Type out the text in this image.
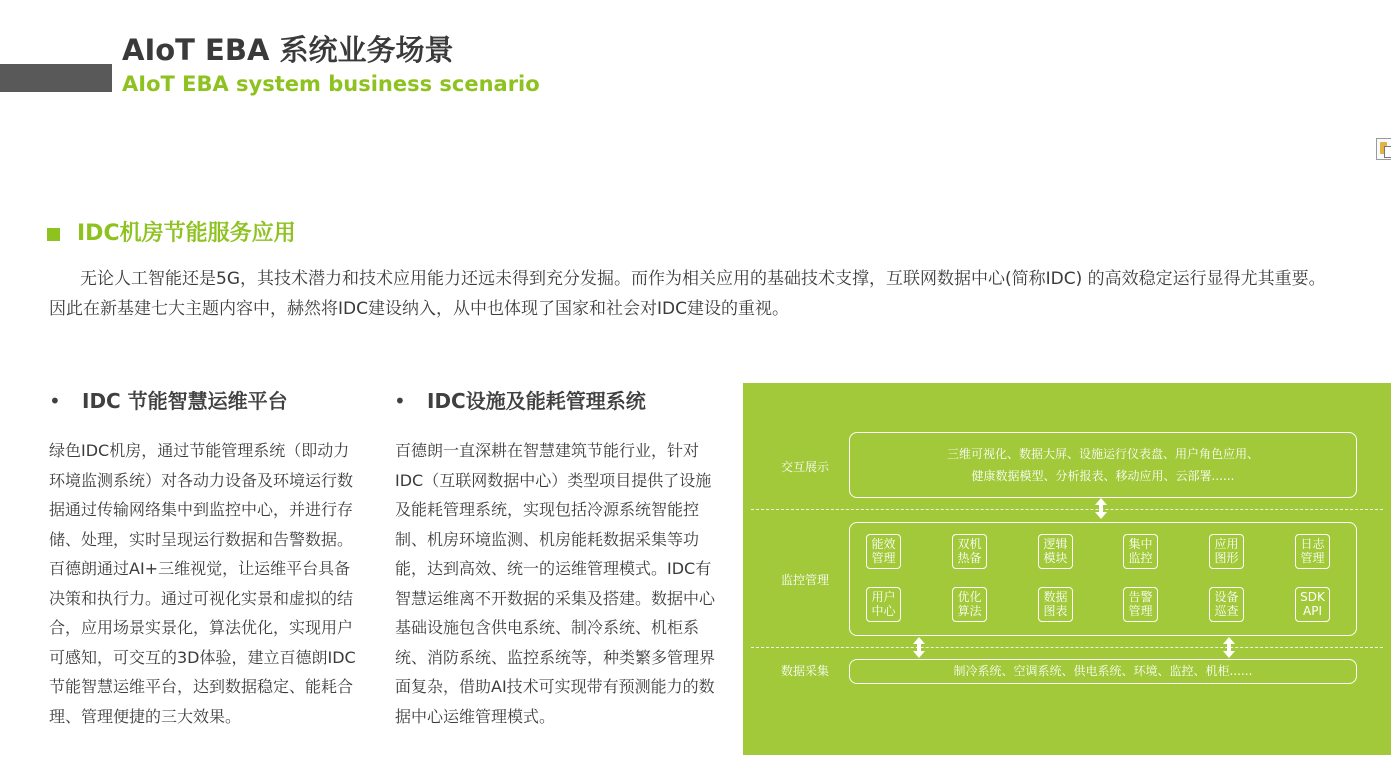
AIoT EBA 系统业务场景
AIoT EBA system business scenario
IDC机房节能服务应用

无论人工智能还是5G，其技术潜力和技术应用能力还远未得到充分发掘。而作为相关应用的基础技术支撑，互联网数据中心(简称IDC) 的高效稳定运行显得尤其重要。因此在新基建七大主题内容中，赫然将IDC建设纳入，从中也体现了国家和社会对IDC建设的重视。

• IDC 节能智慧运维平台

绿色IDC机房，通过节能管理系统（即动力环境监测系统）对各动力设备及环境运行数据通过传输网络集中到监控中心，并进行存储、处理，实时呈现运行数据和告警数据。百德朗通过AI+三维视觉，让运维平台具备决策和执行力。通过可视化实景和虚拟的结合，应用场景实景化，算法优化，实现用户可感知，可交互的3D体验，建立百德朗IDC节能智慧运维平台，达到数据稳定、能耗合理、管理便捷的三大效果。

• IDC设施及能耗管理系统

百德朗一直深耕在智慧建筑节能行业，针对IDC（互联网数据中心）类型项目提供了设施及能耗管理系统，实现包括冷源系统智能控制、机房环境监测、机房能耗数据采集等功能，达到高效、统一的运维管理模式。IDC有智慧运维离不开数据的采集及搭建。数据中心基础设施包含供电系统、制冷系统、机柜系统、消防系统、监控系统等，种类繁多管理界面复杂，借助AI技术可实现带有预测能力的数据中心运维管理模式。

交互展示
三维可视化、数据大屏、设施运行仪表盘、用户角色应用、
健康数据模型、分析报表、移动应用、云部署......
监控管理
能效
管理
双机
热备
逻辑
模块
集中
监控
应用
图形
日志
管理
用户
中心
优化
算法
数据
图表
告警
管理
设备
巡查
SDK
API
数据采集	制冷系统、空调系统、供电系统、环境、监控、机柜......
